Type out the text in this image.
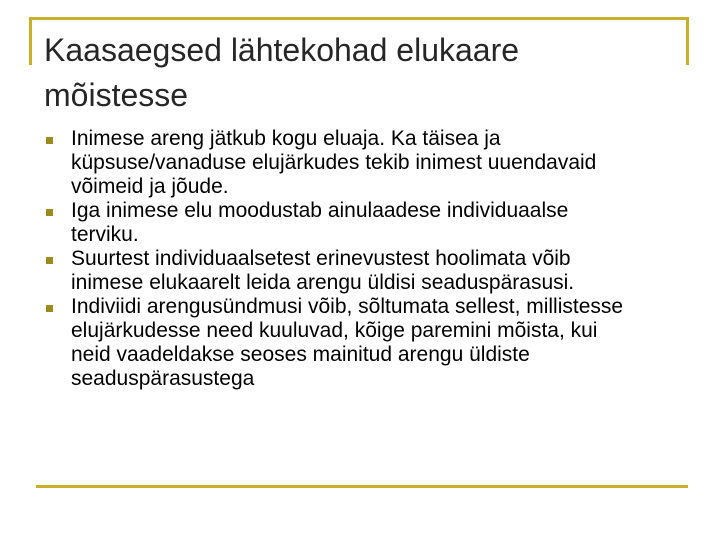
Kaasaegsed lähtekohad elukaare mõistesse
Inimese areng jätkub kogu eluaja. Ka täisea ja küpsuse/vanaduse elujärkudes tekib inimest uuendavaid võimeid ja jõude.
Iga inimese elu moodustab ainulaadese individuaalse terviku.
Suurtest individuaalsetest erinevustest hoolimata võib inimese elukaarelt leida arengu üldisi seaduspärasusi.
Indiviidi arengusündmusi võib, sõltumata sellest, millistesse elujärkudesse need kuuluvad, kõige paremini mõista, kui neid vaadeldakse seoses mainitud arengu üldiste seaduspärasustega
